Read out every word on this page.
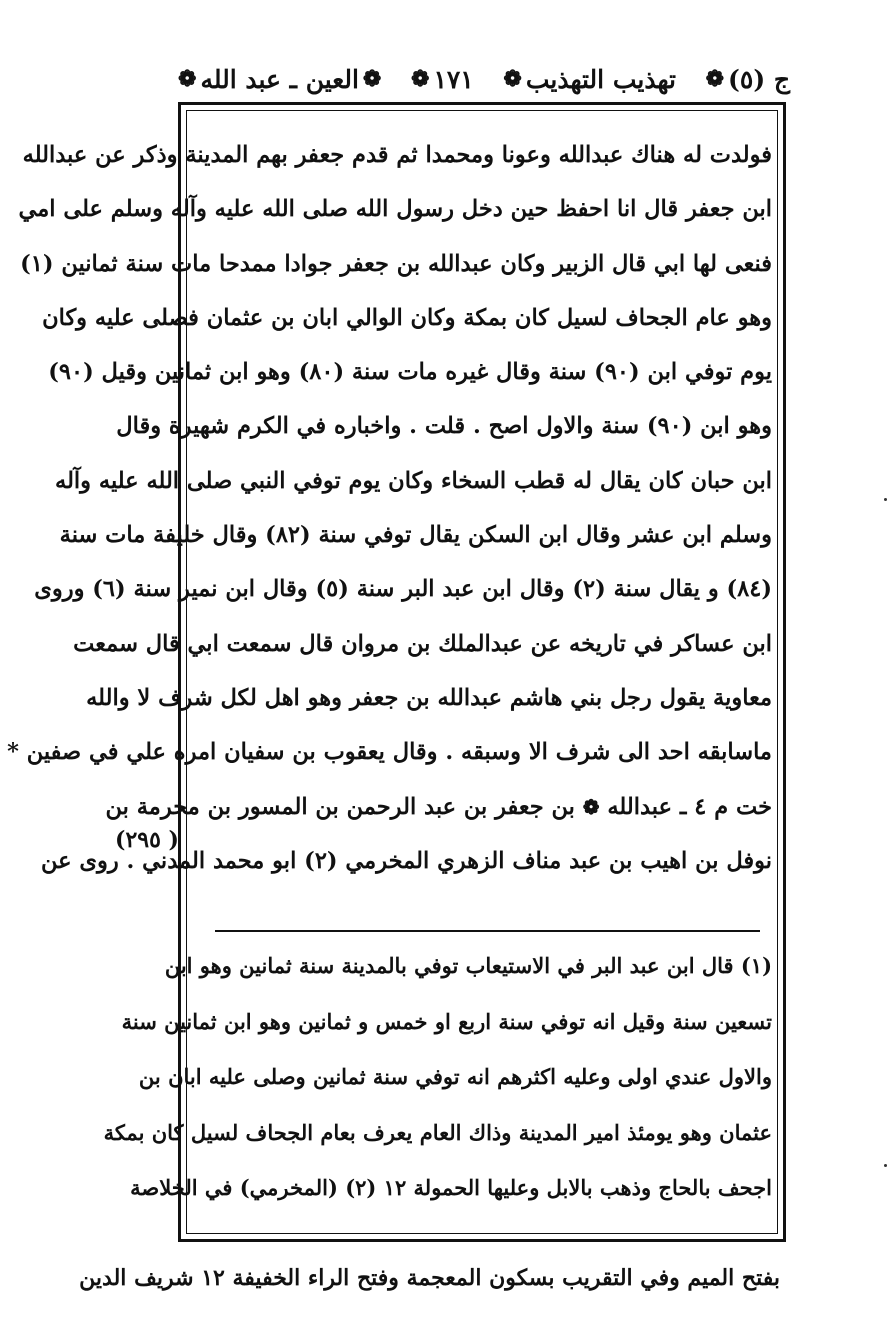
ج (٥)
❁
تهذيب التهذيب
❁
١٧١
❁
❁
العين ـ عبد الله
❁
فولدت له هناك عبدالله وعونا ومحمدا ثم قدم جعفر بهم المدينة وذكر عن عبدالله
ابن جعفر قال انا احفظ حين دخل رسول الله صلى الله عليه وآله وسلم على امي
فنعى لها ابي قال الزبير وكان عبدالله بن جعفر جوادا ممدحا مات سنة ثمانين (١)
وهو عام الجحاف لسيل كان بمكة وكان الوالي ابان بن عثمان فصلى عليه وكان
يوم توفي ابن (٩٠) سنة وقال غيره مات سنة (٨٠) وهو ابن ثمانين وقيل (٩٠)
وهو ابن (٩٠) سنة والاول اصح . قلت . واخباره في الكرم شهيرة وقال
ابن حبان كان يقال له قطب السخاء وكان يوم توفي النبي صلى الله عليه وآله
وسلم ابن عشر وقال ابن السكن يقال توفي سنة (٨٢) وقال خليفة مات سنة
(٨٤) و يقال سنة (٢) وقال ابن عبد البر سنة (٥) وقال ابن نمير سنة (٦) وروى
ابن عساكر في تاريخه عن عبدالملك بن مروان قال سمعت ابي قال سمعت
معاوية يقول رجل بني هاشم عبدالله بن جعفر وهو اهل لكل شرف لا والله
ماسابقه احد الى شرف الا وسبقه . وقال يعقوب بن سفيان امره علي في صفين *
خت م ٤ ـ عبدالله ❁ بن جعفر بن عبد الرحمن بن المسور بن مخرمة بن
نوفل بن اهيب بن عبد مناف الزهري المخرمي (٢) ابو محمد المدني . روى عن
( ٢٩٥)
(١) قال ابن عبد البر في الاستيعاب توفي بالمدينة سنة ثمانين وهو ابن
تسعين سنة وقيل انه توفي سنة اربع او خمس و ثمانين وهو ابن ثمانين سنة
والاول عندي اولى وعليه اكثرهم انه توفي سنة ثمانين وصلى عليه ابان بن
عثمان وهو يومئذ امير المدينة وذاك العام يعرف بعام الجحاف لسيل كان بمكة
اجحف بالحاج وذهب بالابل وعليها الحمولة ١٢ (٢) (المخرمي) في الخلاصة
بفتح الميم وفي التقريب بسكون المعجمة وفتح الراء الخفيفة ١٢ شريف الدين
